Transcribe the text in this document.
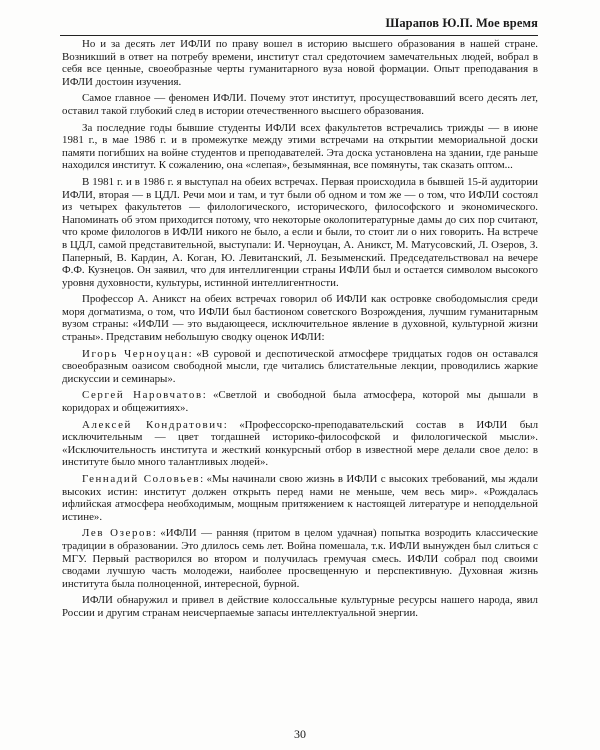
Шарапов Ю.П. Мое время

Но и за десять лет ИФЛИ по праву вошел в историю высшего образования в нашей стране. Возникший в ответ на потребу времени, институт стал средоточием замечательных людей, вобрал в себя все ценные, своеобразные черты гуманитарного вуза новой формации. Опыт преподавания в ИФЛИ достоин изучения.

Самое главное — феномен ИФЛИ. Почему этот институт, просуществовавший всего десять лет, оставил такой глубокий след в истории отечественного высшего образования.

За последние годы бывшие студенты ИФЛИ всех факультетов встречались трижды — в июне 1981 г., в мае 1986 г. и в промежутке между этими встречами на открытии мемориальной доски памяти погибших на войне студентов и преподавателей. Эта доска установлена на здании, где раньше находился институт. К сожалению, она «слепая», безымянная, все помянуты, так сказать оптом...

В 1981 г. и в 1986 г. я выступал на обеих встречах. Первая происходила в бывшей 15-й аудитории ИФЛИ, вторая — в ЦДЛ. Речи мои и там, и тут были об одном и том же — о том, что ИФЛИ состоял из четырех факультетов — филологического, исторического, философского и экономического. Напоминать об этом приходится потому, что некоторые околопитературные дамы до сих пор считают, что кроме филологов в ИФЛИ никого не было, а если и были, то стоит ли о них говорить. На встрече в ЦДЛ, самой представительной, выступали: И. Черноуцан, А. Аникст, М. Матусовский, Л. Озеров, З. Паперный, В. Кардин, А. Коган, Ю. Левитанский, Л. Безыменский. Председательствовал на вечере Ф.Ф. Кузнецов. Он заявил, что для интеллигенции страны ИФЛИ был и остается символом высокого уровня духовности, культуры, истинной интеллигентности.

Профессор А. Аникст на обеих встречах говорил об ИФЛИ как островке свободомыслия среди моря догматизма, о том, что ИФЛИ был бастионом советского Возрождения, лучшим гуманитарным вузом страны: «ИФЛИ — это выдающееся, исключительное явление в духовной, культурной жизни страны». Представим небольшую сводку оценок ИФЛИ:

Игорь Черноуцан: «В суровой и деспотической атмосфере тридцатых годов он оставался своеобразным оазисом свободной мысли, где читались блистательные лекции, проводились жаркие дискуссии и семинары».

Сергей Наровчатов: «Светлой и свободной была атмосфера, которой мы дышали в коридорах и общежитиях».

Алексей Кондратович: «Профессорско-преподавательский состав в ИФЛИ был исключительным — цвет тогдашней историко-философской и филологической мысли». «Исключительность института и жесткий конкурсный отбор в известной мере делали свое дело: в институте было много талантливых людей».

Геннадий Соловьев: «Мы начинали свою жизнь в ИФЛИ с высоких требований, мы ждали высоких истин: институт должен открыть перед нами не меньше, чем весь мир». «Рождалась ифлийская атмосфера необходимым, мощным притяжением к настоящей литературе и неподдельной истине».

Лев Озеров: «ИФЛИ — ранняя (притом в целом удачная) попытка возродить классические традиции в образовании. Это длилось семь лет. Война помешала, т.к. ИФЛИ вынужден был слиться с МГУ. Первый растворился во втором и получилась гремучая смесь. ИФЛИ собрал под своими сводами лучшую часть молодежи, наиболее просвещенную и перспективную. Духовная жизнь института была полноценной, интересной, бурной.

ИФЛИ обнаружил и привел в действие колоссальные культурные ресурсы нашего народа, явил России и другим странам неисчерпаемые запасы интеллектуальной энергии.

30
